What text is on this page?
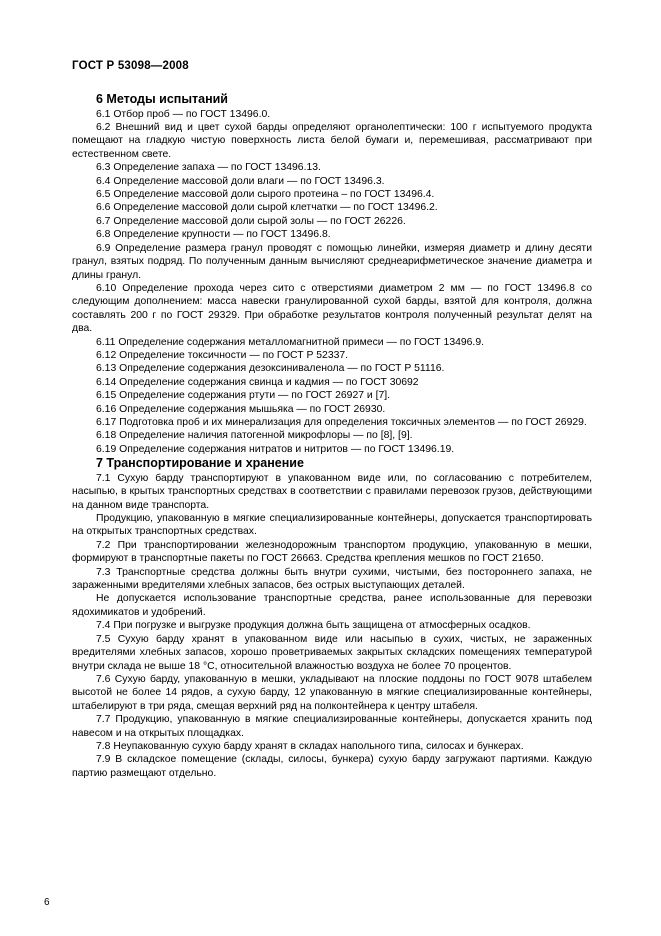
ГОСТ Р 53098—2008
6 Методы испытаний

6.1 Отбор проб — по ГОСТ 13496.0.

6.2 Внешний вид и цвет сухой барды определяют органолептически: 100 г испытуемого продукта помещают на гладкую чистую поверхность листа белой бумаги и, перемешивая, рассматривают при естественном свете.

6.3 Определение запаха — по ГОСТ 13496.13.

6.4 Определение массовой доли влаги — по ГОСТ 13496.3.

6.5 Определение массовой доли сырого протеина – по ГОСТ 13496.4.

6.6 Определение массовой доли сырой клетчатки — по ГОСТ 13496.2.

6.7 Определение массовой доли сырой золы — по ГОСТ 26226.

6.8 Определение крупности — по ГОСТ 13496.8.

6.9 Определение размера гранул проводят с помощью линейки, измеряя диаметр и длину десяти гранул, взятых подряд. По полученным данным вычисляют среднеарифметическое значение диаметра и длины гранул.

6.10 Определение прохода через сито с отверстиями диаметром 2 мм — по ГОСТ 13496.8 со следующим дополнением: масса навески гранулированной сухой барды, взятой для контроля, должна составлять 200 г по ГОСТ 29329. При обработке результатов контроля полученный результат делят на два.

6.11 Определение содержания металломагнитной примеси — по ГОСТ 13496.9.

6.12 Определение токсичности — по ГОСТ Р 52337.

6.13 Определение содержания дезоксиниваленола — по ГОСТ Р 51116.

6.14 Определение содержания свинца и кадмия — по ГОСТ 30692

6.15 Определение содержания ртути — по ГОСТ 26927 и [7].

6.16 Определение содержания мышьяка — по ГОСТ 26930.

6.17 Подготовка проб и их минерализация для определения токсичных элементов — по ГОСТ 26929.

6.18 Определение наличия патогенной микрофлоры — по [8], [9].

6.19 Определение содержания нитратов и нитритов — по ГОСТ 13496.19.

7 Транспортирование и хранение

7.1 Сухую барду транспортируют в упакованном виде или, по согласованию с потребителем, насыпью, в крытых транспортных средствах в соответствии с правилами перевозок грузов, действующими на данном виде транспорта.

Продукцию, упакованную в мягкие специализированные контейнеры, допускается транспортировать на открытых транспортных средствах.

7.2 При транспортировании железнодорожным транспортом продукцию, упакованную в мешки, формируют в транспортные пакеты по ГОСТ 26663. Средства крепления мешков по ГОСТ 21650.

7.3 Транспортные средства должны быть внутри сухими, чистыми, без постороннего запаха, не зараженными вредителями хлебных запасов, без острых выступающих деталей.

Не допускается использование транспортные средства, ранее использованные для перевозки ядохимикатов и удобрений.

7.4 При погрузке и выгрузке продукция должна быть защищена от атмосферных осадков.

7.5 Сухую барду хранят в упакованном виде или насыпью в сухих, чистых, не зараженных вредителями хлебных запасов, хорошо проветриваемых закрытых складских помещениях температурой внутри склада не выше 18 °С, относительной влажностью воздуха не более 70 процентов.

7.6 Сухую барду, упакованную в мешки, укладывают на плоские поддоны по ГОСТ 9078 штабелем высотой не более 14 рядов, а сухую барду, 12 упакованную в мягкие специализированные контейнеры, штабелируют в три ряда, смещая верхний ряд на полконтейнера к центру штабеля.

7.7 Продукцию, упакованную в мягкие специализированные контейнеры, допускается хранить под навесом и на открытых площадках.

7.8 Неупакованную сухую барду хранят в складах напольного типа, силосах и бункерах.

7.9 В складское помещение (склады, силосы, бункера) сухую барду загружают партиями. Каждую партию размещают отдельно.

6
